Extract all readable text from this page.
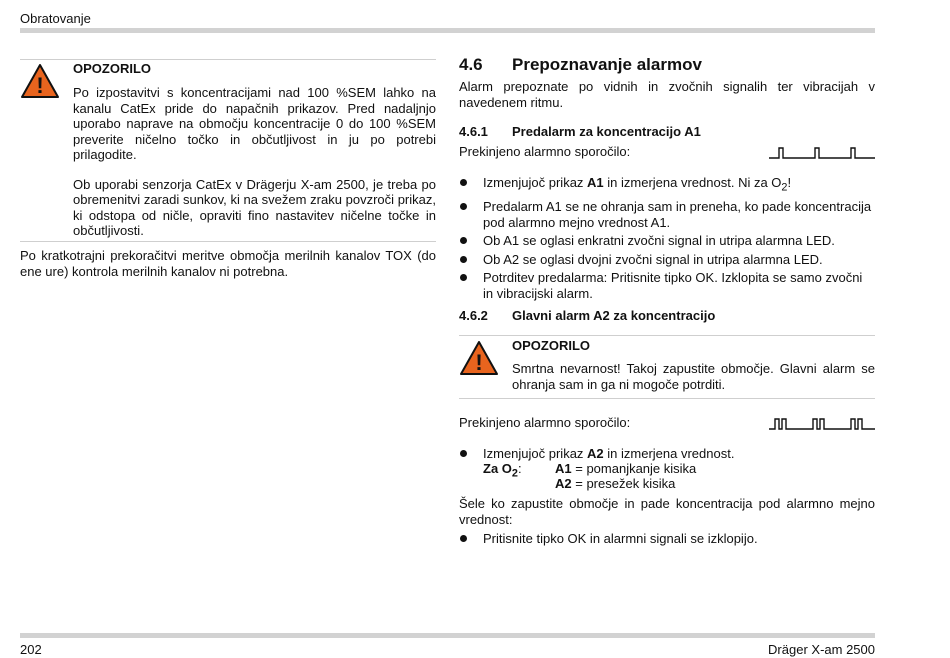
Obratovanje
!
OPOZORILO
Po izpostavitvi s koncentracijami nad 100 %SEM lahko na kanalu CatEx pride do napačnih prikazov. Pred nadaljnjo uporabo naprave na območju koncentracije 0 do 100 %SEM preverite ničelno točko in občutljivost in ju po potrebi prilagodite.
Ob uporabi senzorja CatEx v Drägerju X-am 2500, je treba po obremenitvi zaradi sunkov, ki na svežem zraku povzroči prikaz, ki odstopa od ničle, opraviti fino nastavitev ničelne točke in občutljivosti.
Po kratkotrajni prekoračitvi meritve območja merilnih kanalov TOX (do ene ure) kontrola merilnih kanalov ni potrebna.
4.6 Prepoznavanje alarmov
Alarm prepoznate po vidnih in zvočnih signalih ter vibracijah v navedenem ritmu.
4.6.1 Predalarm za koncentracijo A1
Prekinjeno alarmno sporočilo:
Izmenjujoč prikaz A1 in izmerjena vrednost. Ni za $O_2$!
Predalarm A1 se ne ohranja sam in preneha, ko pade koncentracija pod alarmno mejno vrednost A1.
Ob A1 se oglasi enkratni zvočni signal in utripa alarmna LED.
Ob A2 se oglasi dvojni zvočni signal in utripa alarmna LED.
Potrditev predalarma: Pritisnite tipko OK. Izklopita se samo zvočni in vibracijski alarm.
4.6.2 Glavni alarm A2 za koncentracijo
!
OPOZORILO
Smrtna nevarnost! Takoj zapustite območje. Glavni alarm se ohranja sam in ga ni mogoče potrditi.
Prekinjeno alarmno sporočilo:
Izmenjujoč prikaz A2 in izmerjena vrednost.
Za $O_2$:	A1 = pomanjkanje kisika
A2 = presežek kisika
Šele ko zapustite območje in pade koncentracija pod alarmno mejno vrednost:
Pritisnite tipko OK in alarmni signali se izklopijo.
202	Dräger X-am 2500
